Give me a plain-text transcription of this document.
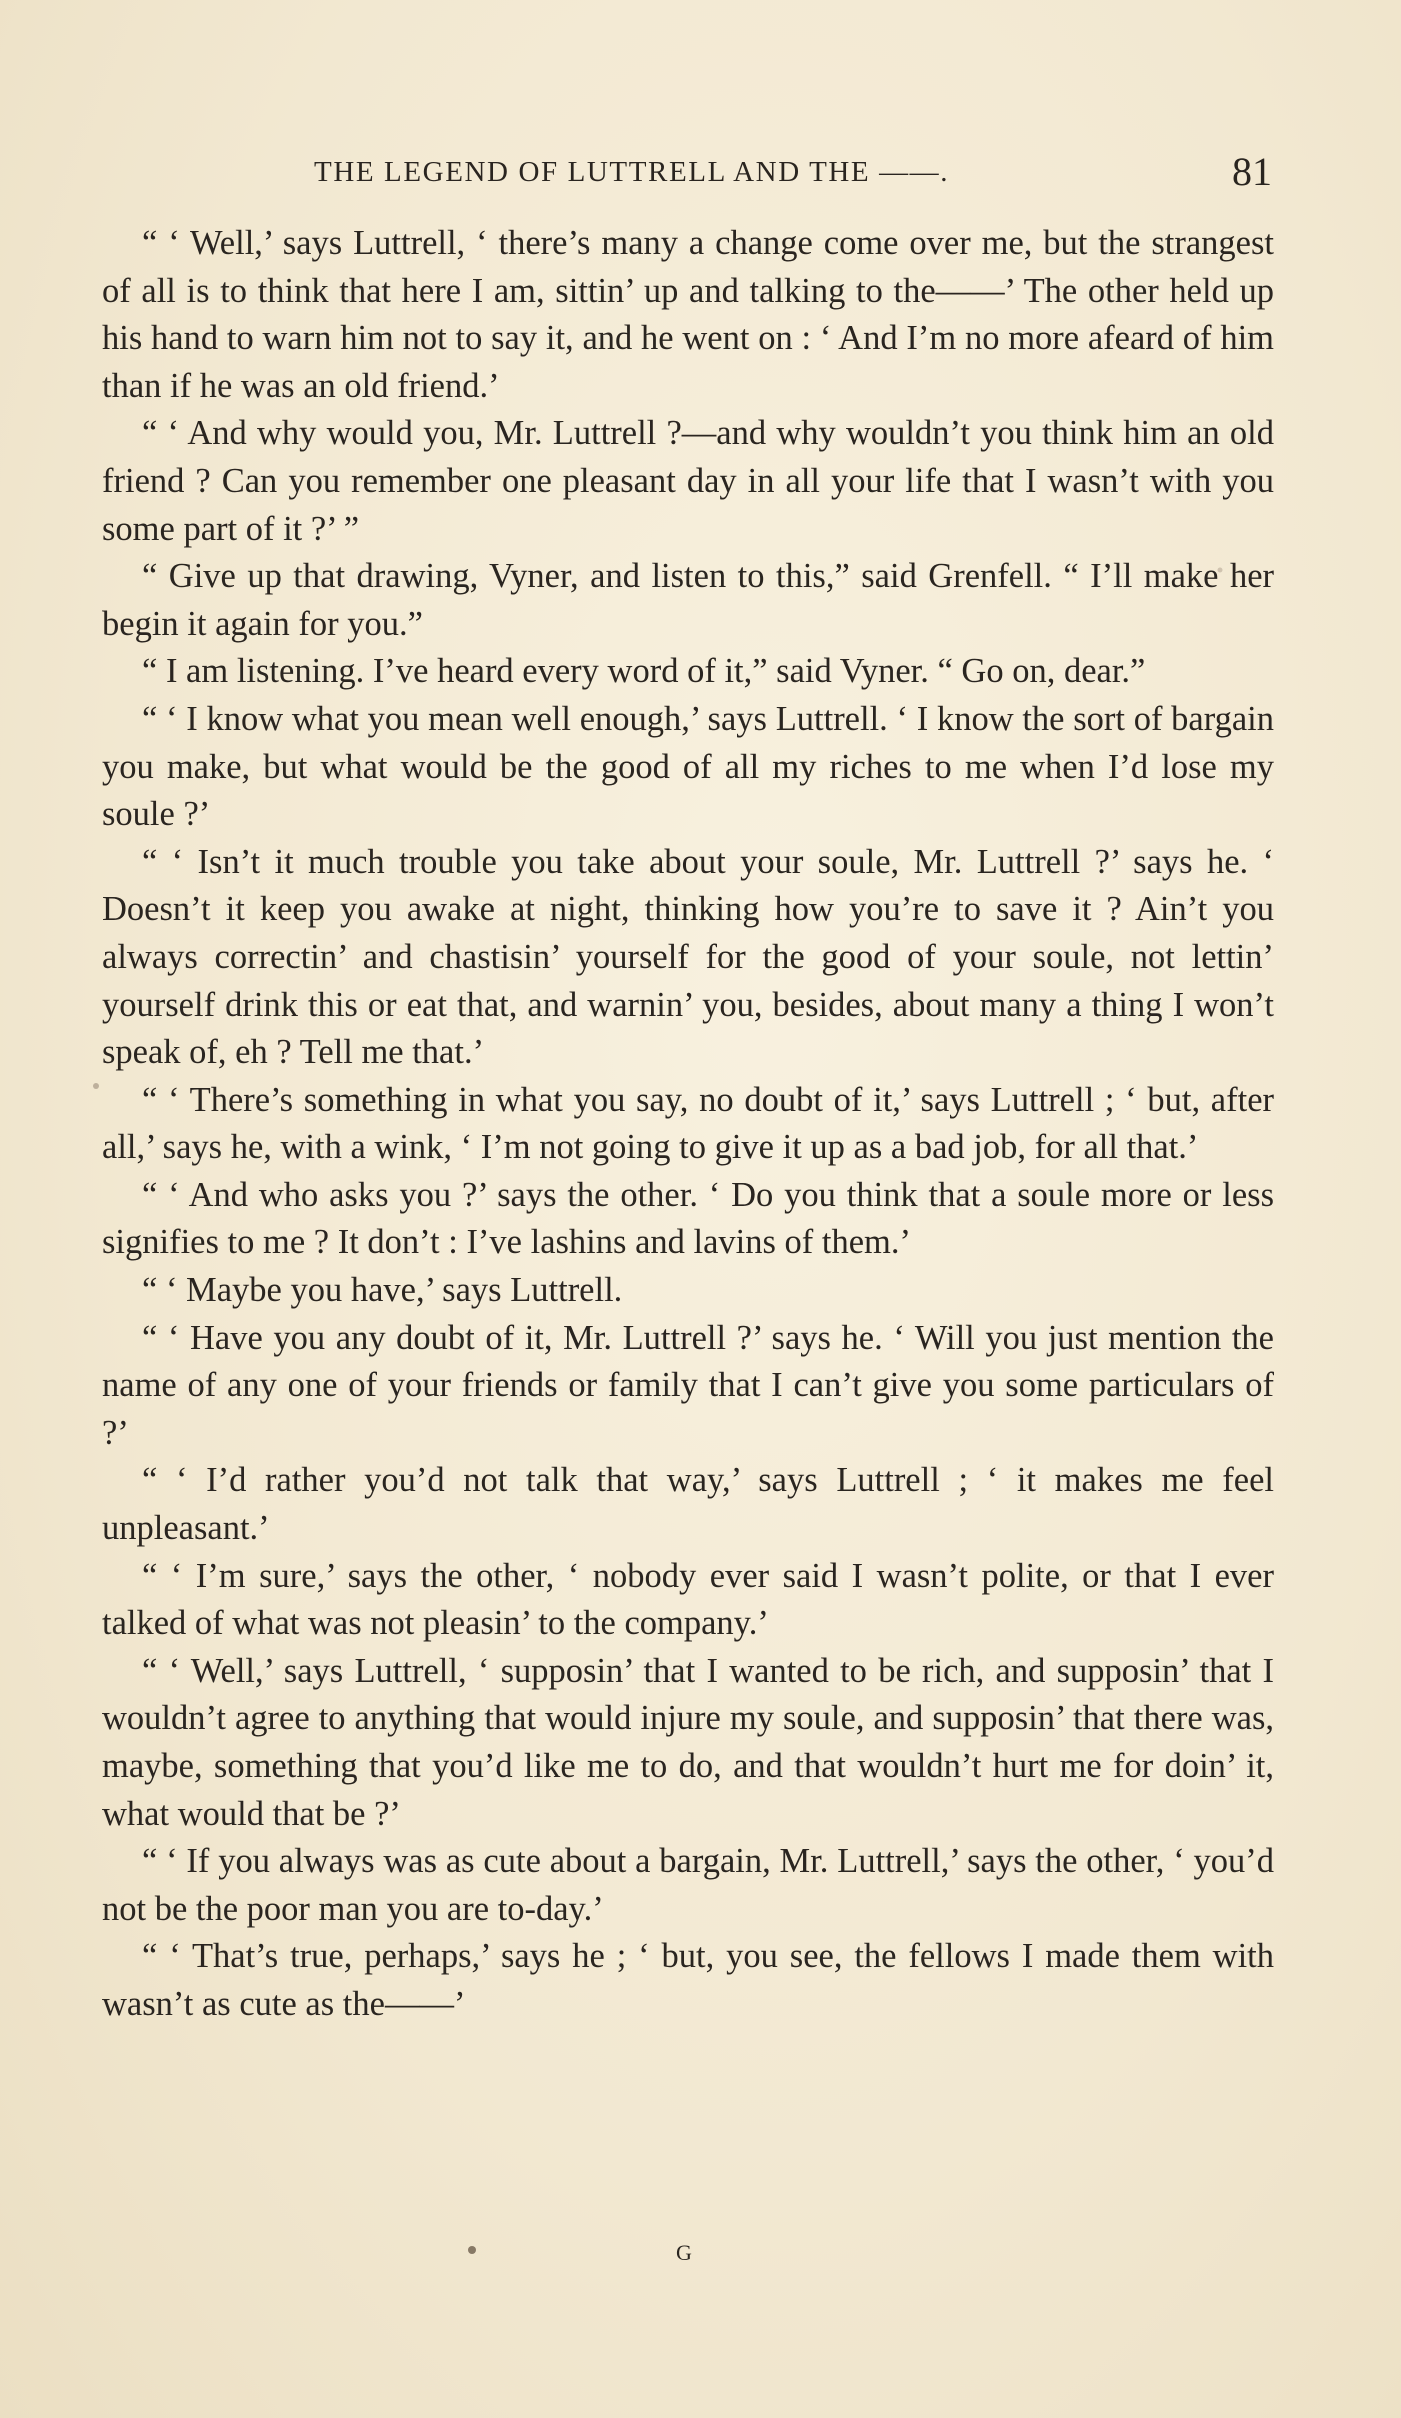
THE LEGEND OF LUTTRELL AND THE ——.	81

“ ‘ Well,’ says Luttrell, ‘ there’s many a change come over me, but the strangest of all is to think that here I am, sittin’ up and talking to the——’ The other held up his hand to warn him not to say it, and he went on : ‘ And I’m no more afeard of him than if he was an old friend.’

“ ‘ And why would you, Mr. Luttrell ?—and why wouldn’t you think him an old friend ? Can you remember one pleasant day in all your life that I wasn’t with you some part of it ?’ ”

“ Give up that drawing, Vyner, and listen to this,” said Grenfell. “ I’ll make her begin it again for you.”

“ I am listening. I’ve heard every word of it,” said Vyner. “ Go on, dear.”

“ ‘ I know what you mean well enough,’ says Luttrell. ‘ I know the sort of bargain you make, but what would be the good of all my riches to me when I’d lose my soule ?’

“ ‘ Isn’t it much trouble you take about your soule, Mr. Luttrell ?’ says he. ‘ Doesn’t it keep you awake at night, thinking how you’re to save it ? Ain’t you always correctin’ and chastisin’ yourself for the good of your soule, not lettin’ yourself drink this or eat that, and warnin’ you, besides, about many a thing I won’t speak of, eh ? Tell me that.’

“ ‘ There’s something in what you say, no doubt of it,’ says Luttrell ; ‘ but, after all,’ says he, with a wink, ‘ I’m not going to give it up as a bad job, for all that.’

“ ‘ And who asks you ?’ says the other. ‘ Do you think that a soule more or less signifies to me ? It don’t : I’ve lashins and lavins of them.’

“ ‘ Maybe you have,’ says Luttrell.

“ ‘ Have you any doubt of it, Mr. Luttrell ?’ says he. ‘ Will you just mention the name of any one of your friends or family that I can’t give you some particulars of ?’

“ ‘ I’d rather you’d not talk that way,’ says Luttrell ; ‘ it makes me feel unpleasant.’

“ ‘ I’m sure,’ says the other, ‘ nobody ever said I wasn’t polite, or that I ever talked of what was not pleasin’ to the company.’

“ ‘ Well,’ says Luttrell, ‘ supposin’ that I wanted to be rich, and supposin’ that I wouldn’t agree to anything that would injure my soule, and supposin’ that there was, maybe, something that you’d like me to do, and that wouldn’t hurt me for doin’ it, what would that be ?’

“ ‘ If you always was as cute about a bargain, Mr. Luttrell,’ says the other, ‘ you’d not be the poor man you are to-day.’

“ ‘ That’s true, perhaps,’ says he ; ‘ but, you see, the fellows I made them with wasn’t as cute as the——’

G
